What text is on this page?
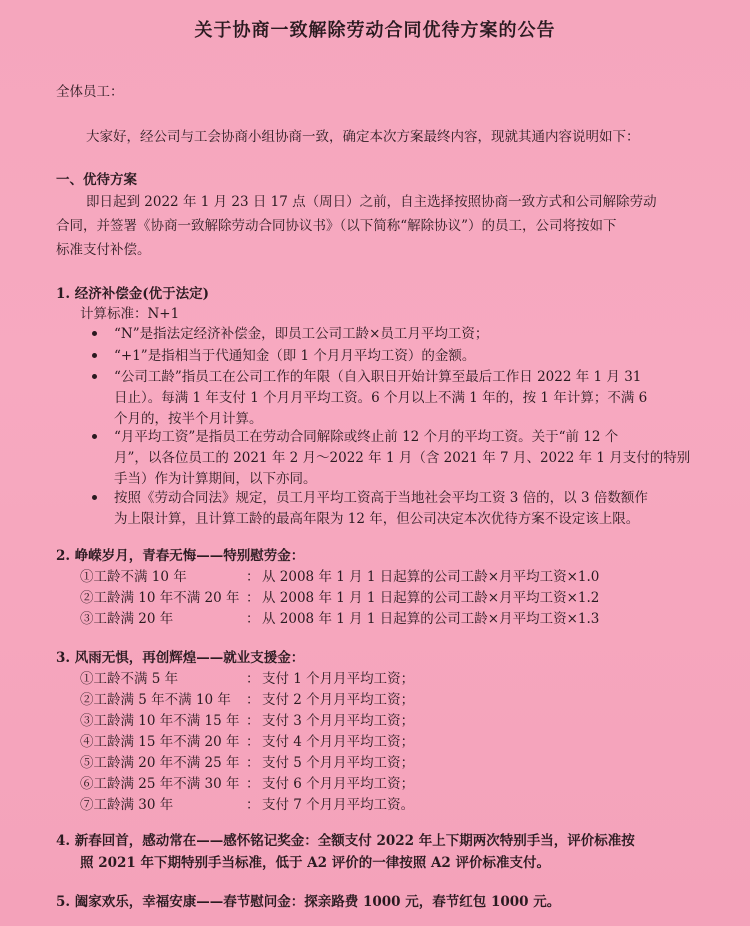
关于协商一致解除劳动合同优待方案的公告
全体员工：
大家好，经公司与工会协商小组协商一致，确定本次方案最终内容，现就其通内容说明如下：
一、优待方案
即日起到 2022 年 1 月 23 日 17 点（周日）之前，自主选择按照协商一致方式和公司解除劳动
合同，并签署《协商一致解除劳动合同协议书》（以下简称“解除协议”）的员工，公司将按如下
标准支付补偿。
1. 经济补偿金(优于法定)
计算标准：N+1
“N”是指法定经济补偿金，即员工公司工龄×员工月平均工资；
“+1”是指相当于代通知金（即 1 个月月平均工资）的金额。
“公司工龄”指员工在公司工作的年限（自入职日开始计算至最后工作日 2022 年 1 月 31
日止）。每满 1 年支付 1 个月月平均工资。6 个月以上不满 1 年的，按 1 年计算；不满 6
个月的，按半个月计算。
“月平均工资”是指员工在劳动合同解除或终止前 12 个月的平均工资。关于“前 12 个
月”，以各位员工的 2021 年 2 月～2022 年 1 月（含 2021 年 7 月、2022 年 1 月支付的特别
手当）作为计算期间，以下亦同。
按照《劳动合同法》规定，员工月平均工资高于当地社会平均工资 3 倍的，以 3 倍数额作
为上限计算，且计算工龄的最高年限为 12 年，但公司决定本次优待方案不设定该上限。
2. 峥嵘岁月，青春无悔——特别慰劳金：
①工龄不满 10 年	： 从 2008 年 1 月 1 日起算的公司工龄×月平均工资×1.0
②工龄满 10 年不满 20 年 ： 从 2008 年 1 月 1 日起算的公司工龄×月平均工资×1.2
③工龄满 20 年	： 从 2008 年 1 月 1 日起算的公司工龄×月平均工资×1.3
3. 风雨无惧，再创辉煌——就业支援金：
①工龄不满 5 年	： 支付 1 个月月平均工资；
②工龄满 5 年不满 10 年 ： 支付 2 个月月平均工资；
③工龄满 10 年不满 15 年 ： 支付 3 个月月平均工资；
④工龄满 15 年不满 20 年 ： 支付 4 个月月平均工资；
⑤工龄满 20 年不满 25 年 ： 支付 5 个月月平均工资；
⑥工龄满 25 年不满 30 年 ： 支付 6 个月月平均工资；
⑦工龄满 30 年	： 支付 7 个月月平均工资。
4. 新春回首，感动常在——感怀铭记奖金：全额支付 2022 年上下期两次特别手当，评价标准按
照 2021 年下期特别手当标准，低于 A2 评价的一律按照 A2 评价标准支付。
5. 阖家欢乐，幸福安康——春节慰问金：探亲路费 1000 元，春节红包 1000 元。
